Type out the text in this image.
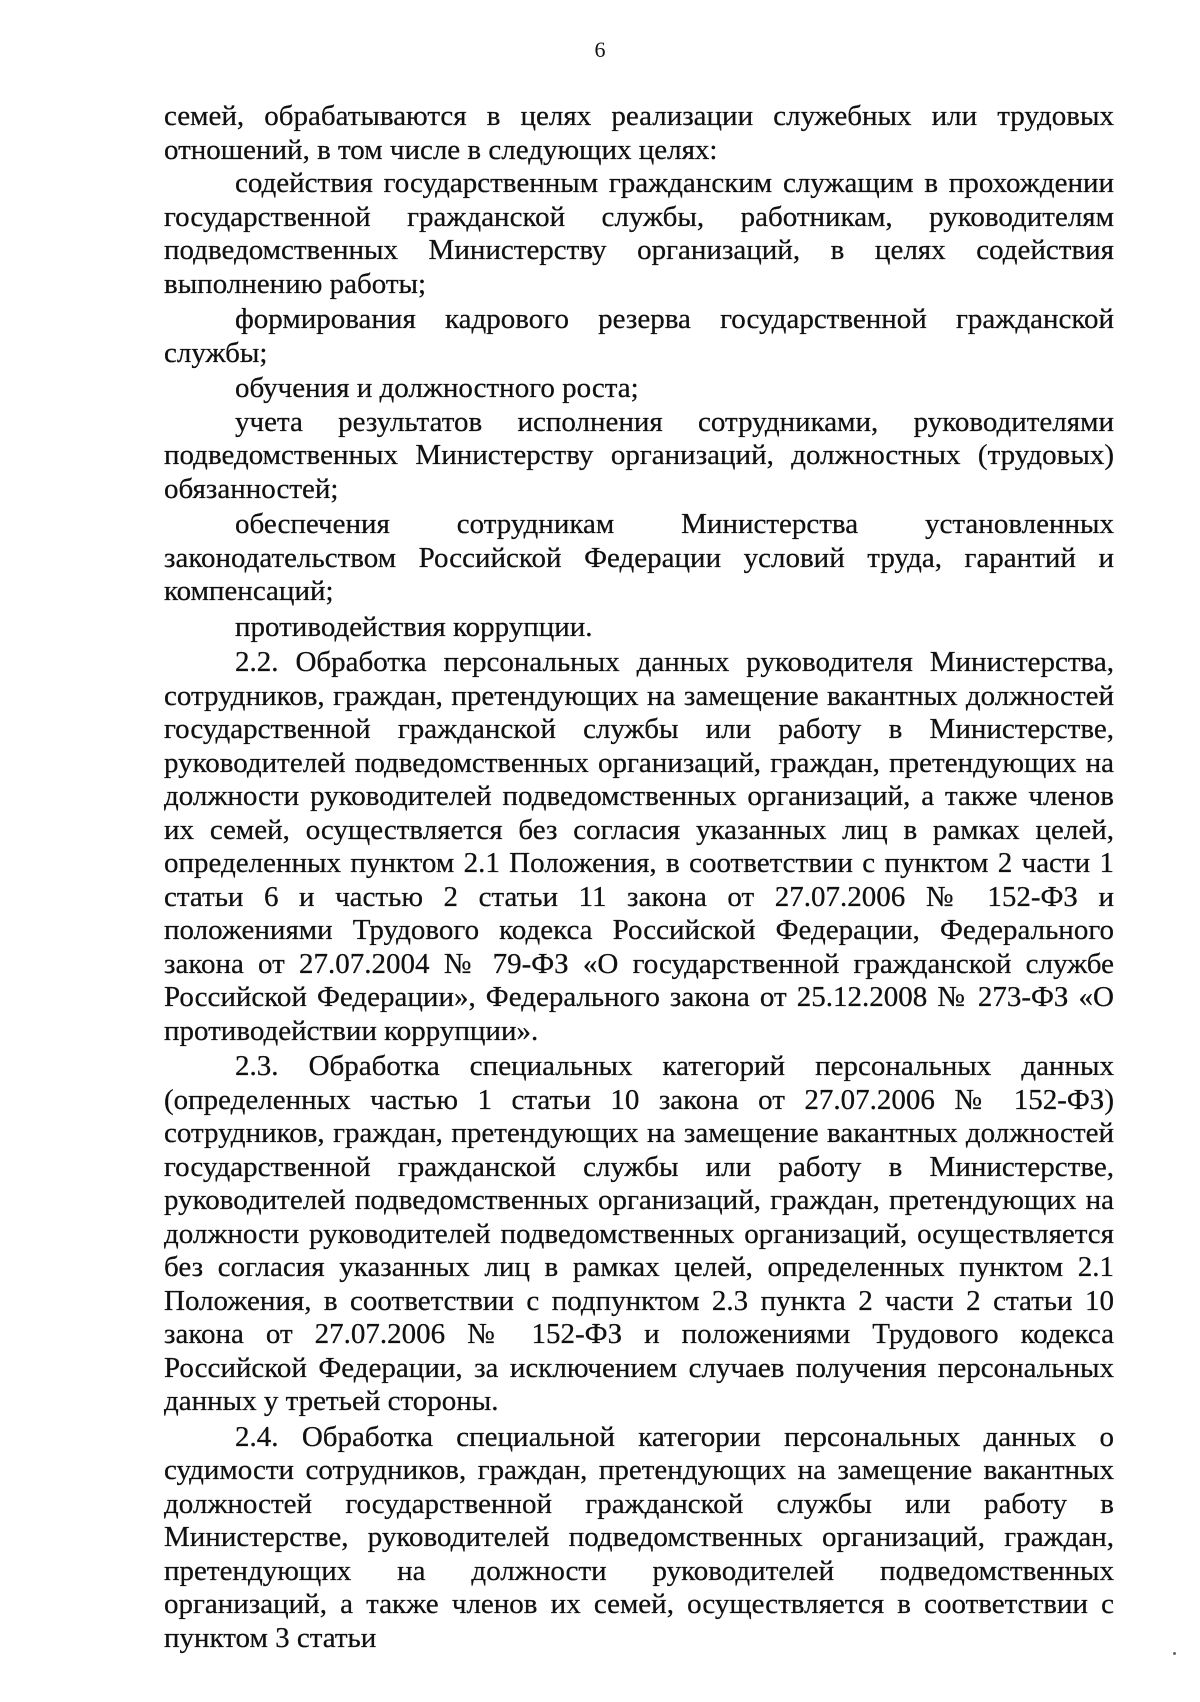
6

семей, обрабатываются в целях реализации служебных или трудовых отношений, в том числе в следующих целях:

содействия государственным гражданским служащим в прохождении государственной гражданской службы, работникам, руководителям подведомственных Министерству организаций, в целях содействия выполнению работы;

формирования кадрового резерва государственной гражданской службы;

обучения и должностного роста;

учета результатов исполнения сотрудниками, руководителями подведомственных Министерству организаций, должностных (трудовых) обязанностей;

обеспечения сотрудникам Министерства установленных законодательством Российской Федерации условий труда, гарантий и компенсаций;

противодействия коррупции.

2.2. Обработка персональных данных руководителя Министерства, сотрудников, граждан, претендующих на замещение вакантных должностей государственной гражданской службы или работу в Министерстве, руководителей подведомственных организаций, граждан, претендующих на должности руководителей подведомственных организаций, а также членов их семей, осуществляется без согласия указанных лиц в рамках целей, определенных пунктом 2.1 Положения, в соответствии с пунктом 2 части 1 статьи 6 и частью 2 статьи 11 закона от 27.07.2006 № 152-ФЗ и положениями Трудового кодекса Российской Федерации, Федерального закона от 27.07.2004 № 79-ФЗ «О государственной гражданской службе Российской Федерации», Федерального закона от 25.12.2008 № 273-ФЗ «О противодействии коррупции».

2.3. Обработка специальных категорий персональных данных (определенных частью 1 статьи 10 закона от 27.07.2006 № 152-ФЗ) сотрудников, граждан, претендующих на замещение вакантных должностей государственной гражданской службы или работу в Министерстве, руководителей подведомственных организаций, граждан, претендующих на должности руководителей подведомственных организаций, осуществляется без согласия указанных лиц в рамках целей, определенных пунктом 2.1 Положения, в соответствии с подпунктом 2.3 пункта 2 части 2 статьи 10 закона от 27.07.2006 № 152-ФЗ и положениями Трудового кодекса Российской Федерации, за исключением случаев получения персональных данных у третьей стороны.

2.4. Обработка специальной категории персональных данных о судимости сотрудников, граждан, претендующих на замещение вакантных должностей государственной гражданской службы или работу в Министерстве, руководителей подведомственных организаций, граждан, претендующих на должности руководителей подведомственных организаций, а также членов их семей, осуществляется в соответствии с пунктом 3 статьи
